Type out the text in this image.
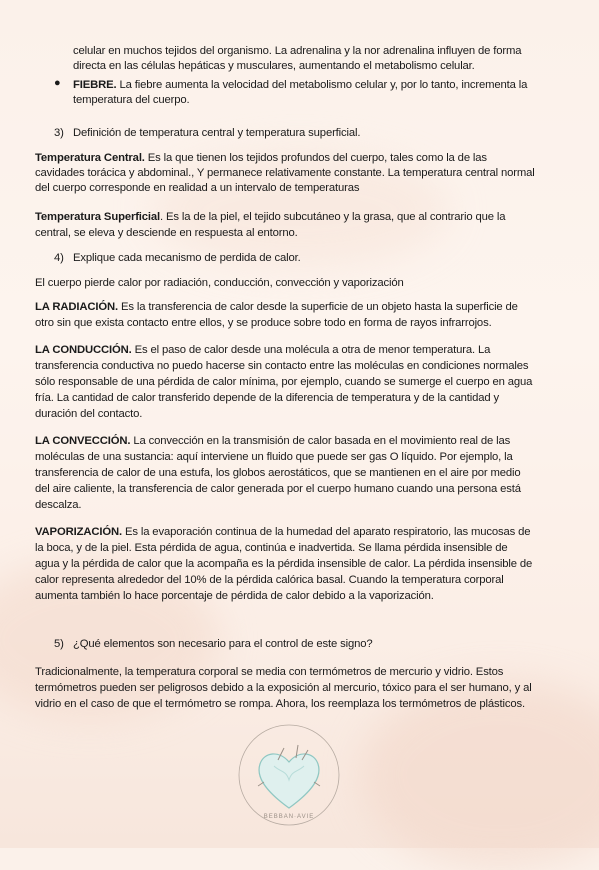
celular en muchos tejidos del organismo. La adrenalina y la nor adrenalina influyen de forma
directa en las células hepáticas y musculares, aumentando el metabolismo celular.
● FIEBRE. La fiebre aumenta la velocidad del metabolismo celular y, por lo tanto, incrementa la
temperatura del cuerpo.
3) Definición de temperatura central y temperatura superficial.
Temperatura Central. Es la que tienen los tejidos profundos del cuerpo, tales como la de las
cavidades torácica y abdominal., Y permanece relativamente constante. La temperatura central normal
del cuerpo corresponde en realidad a un intervalo de temperaturas
Temperatura Superficial. Es la de la piel, el tejido subcutáneo y la grasa, que al contrario que la
central, se eleva y desciende en respuesta al entorno.
4) Explique cada mecanismo de perdida de calor.
El cuerpo pierde calor por radiación, conducción, convección y vaporización
LA RADIACIÓN. Es la transferencia de calor desde la superficie de un objeto hasta la superficie de
otro sin que exista contacto entre ellos, y se produce sobre todo en forma de rayos infrarrojos.
LA CONDUCCIÓN. Es el paso de calor desde una molécula a otra de menor temperatura. La
transferencia conductiva no puedo hacerse sin contacto entre las moléculas en condiciones normales
sólo responsable de una pérdida de calor mínima, por ejemplo, cuando se sumerge el cuerpo en agua
fría. La cantidad de calor transferido depende de la diferencia de temperatura y de la cantidad y
duración del contacto.
LA CONVECCIÓN. La convección en la transmisión de calor basada en el movimiento real de las
moléculas de una sustancia: aquí interviene un fluido que puede ser gas O líquido. Por ejemplo, la
transferencia de calor de una estufa, los globos aerostáticos, que se mantienen en el aire por medio
del aire caliente, la transferencia de calor generada por el cuerpo humano cuando una persona está
descalza.
VAPORIZACIÓN. Es la evaporación continua de la humedad del aparato respiratorio, las mucosas de
la boca, y de la piel. Esta pérdida de agua, continúa e inadvertida. Se llama pérdida insensible de
agua y la pérdida de calor que la acompaña es la pérdida insensible de calor. La pérdida insensible de
calor representa alrededor del 10% de la pérdida calórica basal. Cuando la temperatura corporal
aumenta también lo hace porcentaje de pérdida de calor debido a la vaporización.
5) ¿Qué elementos son necesario para el control de este signo?
Tradicionalmente, la temperatura corporal se media con termómetros de mercurio y vidrio. Estos
termómetros pueden ser peligrosos debido a la exposición al mercurio, tóxico para el ser humano, y al
vidrio en el caso de que el termómetro se rompa. Ahora, los reemplaza los termómetros de plásticos.
BEBBAN·AVIE
